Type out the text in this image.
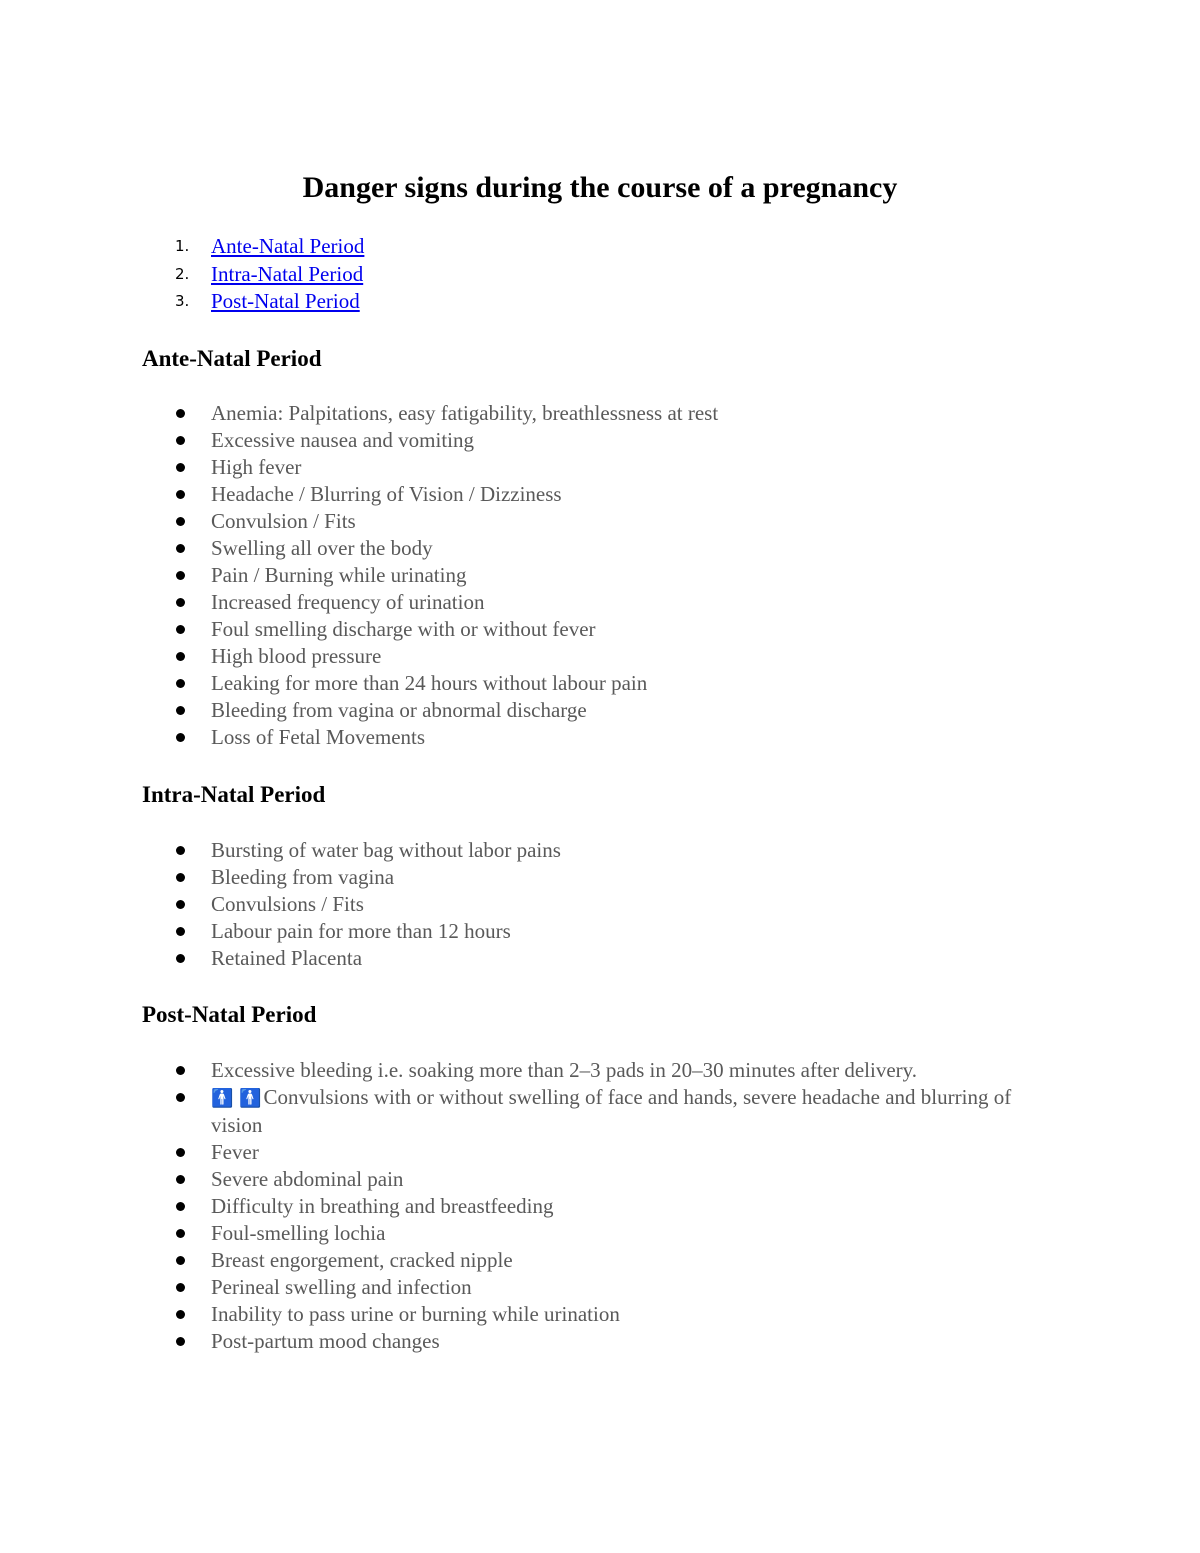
Danger signs during the course of a pregnancy
1.	Ante-Natal Period
2.	Intra-Natal Period
3.	Post-Natal Period
Ante-Natal Period
Anemia: Palpitations, easy fatigability, breathlessness at rest
Excessive nausea and vomiting
High fever
Headache / Blurring of Vision / Dizziness
Convulsion / Fits
Swelling all over the body
Pain / Burning while urinating
Increased frequency of urination
Foul smelling discharge with or without fever
High blood pressure
Leaking for more than 24 hours without labour pain
Bleeding from vagina or abnormal discharge
Loss of Fetal Movements
Intra-Natal Period
Bursting of water bag without labor pains
Bleeding from vagina
Convulsions / Fits
Labour pain for more than 12 hours
Retained Placenta
Post-Natal Period
Excessive bleeding i.e. soaking more than 2–3 pads in 20–30 minutes after delivery.
🚹 🚹Convulsions with or without swelling of face and hands, severe headache and blurring of vision
Fever
Severe abdominal pain
Difficulty in breathing and breastfeeding
Foul-smelling lochia
Breast engorgement, cracked nipple
Perineal swelling and infection
Inability to pass urine or burning while urination
Post-partum mood changes
